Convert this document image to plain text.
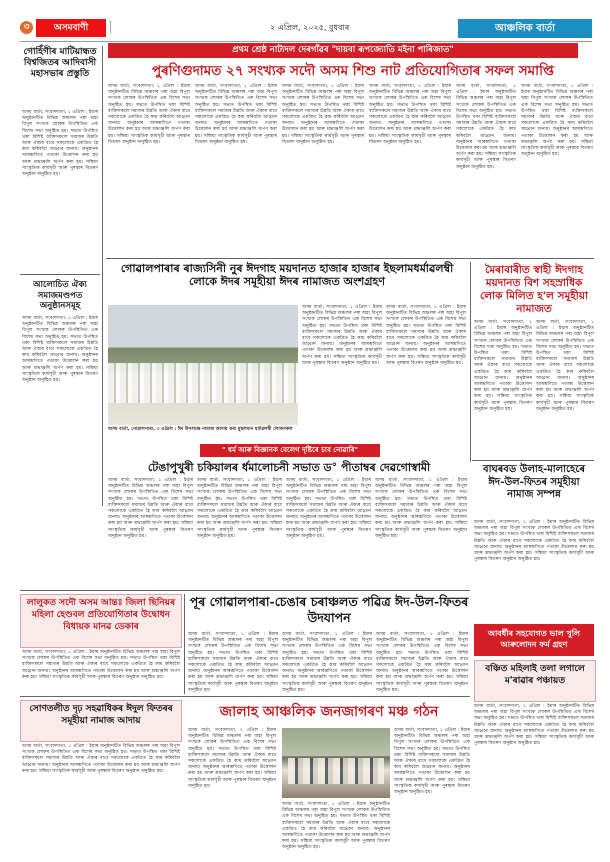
৩	অসমবাণী	২ এপ্ৰিল, ২০২৫, বুধবাৰ	আঞ্চলিক বাৰ্তা
গোহিঁগীৰ মাটিয়ান্ধত বিশ্বজিতৰ আদিবাসী মহাসভাৰ প্ৰস্তুতি
অসম বাৰ্তা, সংবাদদাতা, ১ এপ্ৰিল : ইয়াৰ অনুষ্ঠানটিত বিভিন্ন অঞ্চলৰ পৰা অহা বিপুল সংখ্যক লোকৰ উপস্থিতিত এক বিশেষ সভা অনুষ্ঠিত হয়। সভাত উপস্থিত থকা বিশিষ্ট ব্যক্তিসকলে সমাজৰ উন্নতি আৰু ঐক্যৰ বাবে সকলোকে একত্ৰিত হৈ কাম কৰিবলৈ আহ্বান জনায়। অনুষ্ঠানৰ আৰম্ভণিতে পতাকা উত্তোলন কৰা হয় আৰু শ্ৰদ্ধাঞ্জলি অৰ্পণ কৰা হয়। সন্ধিয়া সাংস্কৃতিক কাৰ্যসূচী আৰু পুৰস্কাৰ বিতৰণ অনুষ্ঠান অনুষ্ঠিত হয়।
আলোচিত ঐক্য সমাজমণ্ডপত অনুষ্ঠানসমূহ
অসম বাৰ্তা, সংবাদদাতা, ১ এপ্ৰিল : ইয়াৰ অনুষ্ঠানটিত বিভিন্ন অঞ্চলৰ পৰা অহা বিপুল সংখ্যক লোকৰ উপস্থিতিত এক বিশেষ সভা অনুষ্ঠিত হয়। সভাত উপস্থিত থকা বিশিষ্ট ব্যক্তিসকলে সমাজৰ উন্নতি আৰু ঐক্যৰ বাবে সকলোকে একত্ৰিত হৈ কাম কৰিবলৈ আহ্বান জনায়। অনুষ্ঠানৰ আৰম্ভণিতে পতাকা উত্তোলন কৰা হয় আৰু শ্ৰদ্ধাঞ্জলি অৰ্পণ কৰা হয়। সন্ধিয়া সাংস্কৃতিক কাৰ্যসূচী আৰু পুৰস্কাৰ বিতৰণ অনুষ্ঠান অনুষ্ঠিত হয়।
প্ৰথম শ্ৰেষ্ঠ নাট্যদল দেৰগাঁৱৰ "দায়বা ৰূপজ্যোতি মইনা পাৰিজাত"
পুৰণিগুদামত ২৭ সংখ্যক সদৌ অসম শিশু নাট প্ৰতিযোগিতাৰ সফল সমাপ্তি
অসম বাৰ্তা, সংবাদদাতা, ১ এপ্ৰিল : ইয়াৰ অনুষ্ঠানটিত বিভিন্ন অঞ্চলৰ পৰা অহা বিপুল সংখ্যক লোকৰ উপস্থিতিত এক বিশেষ সভা অনুষ্ঠিত হয়। সভাত উপস্থিত থকা বিশিষ্ট ব্যক্তিসকলে সমাজৰ উন্নতি আৰু ঐক্যৰ বাবে সকলোকে একত্ৰিত হৈ কাম কৰিবলৈ আহ্বান জনায়। অনুষ্ঠানৰ আৰম্ভণিতে পতাকা উত্তোলন কৰা হয় আৰু শ্ৰদ্ধাঞ্জলি অৰ্পণ কৰা হয়। সন্ধিয়া সাংস্কৃতিক কাৰ্যসূচী আৰু পুৰস্কাৰ বিতৰণ অনুষ্ঠান অনুষ্ঠিত হয়।
অসম বাৰ্তা, সংবাদদাতা, ১ এপ্ৰিল : ইয়াৰ অনুষ্ঠানটিত বিভিন্ন অঞ্চলৰ পৰা অহা বিপুল সংখ্যক লোকৰ উপস্থিতিত এক বিশেষ সভা অনুষ্ঠিত হয়। সভাত উপস্থিত থকা বিশিষ্ট ব্যক্তিসকলে সমাজৰ উন্নতি আৰু ঐক্যৰ বাবে সকলোকে একত্ৰিত হৈ কাম কৰিবলৈ আহ্বান জনায়। অনুষ্ঠানৰ আৰম্ভণিতে পতাকা উত্তোলন কৰা হয় আৰু শ্ৰদ্ধাঞ্জলি অৰ্পণ কৰা হয়। সন্ধিয়া সাংস্কৃতিক কাৰ্যসূচী আৰু পুৰস্কাৰ বিতৰণ অনুষ্ঠান অনুষ্ঠিত হয়।
অসম বাৰ্তা, সংবাদদাতা, ১ এপ্ৰিল : ইয়াৰ অনুষ্ঠানটিত বিভিন্ন অঞ্চলৰ পৰা অহা বিপুল সংখ্যক লোকৰ উপস্থিতিত এক বিশেষ সভা অনুষ্ঠিত হয়। সভাত উপস্থিত থকা বিশিষ্ট ব্যক্তিসকলে সমাজৰ উন্নতি আৰু ঐক্যৰ বাবে সকলোকে একত্ৰিত হৈ কাম কৰিবলৈ আহ্বান জনায়। অনুষ্ঠানৰ আৰম্ভণিতে পতাকা উত্তোলন কৰা হয় আৰু শ্ৰদ্ধাঞ্জলি অৰ্পণ কৰা হয়। সন্ধিয়া সাংস্কৃতিক কাৰ্যসূচী আৰু পুৰস্কাৰ বিতৰণ অনুষ্ঠান অনুষ্ঠিত হয়।
অসম বাৰ্তা, সংবাদদাতা, ১ এপ্ৰিল : ইয়াৰ অনুষ্ঠানটিত বিভিন্ন অঞ্চলৰ পৰা অহা বিপুল সংখ্যক লোকৰ উপস্থিতিত এক বিশেষ সভা অনুষ্ঠিত হয়। সভাত উপস্থিত থকা বিশিষ্ট ব্যক্তিসকলে সমাজৰ উন্নতি আৰু ঐক্যৰ বাবে সকলোকে একত্ৰিত হৈ কাম কৰিবলৈ আহ্বান জনায়। অনুষ্ঠানৰ আৰম্ভণিতে পতাকা উত্তোলন কৰা হয় আৰু শ্ৰদ্ধাঞ্জলি অৰ্পণ কৰা হয়। সন্ধিয়া সাংস্কৃতিক কাৰ্যসূচী আৰু পুৰস্কাৰ বিতৰণ অনুষ্ঠান অনুষ্ঠিত হয়।
অসম বাৰ্তা, সংবাদদাতা, ১ এপ্ৰিল : ইয়াৰ অনুষ্ঠানটিত বিভিন্ন অঞ্চলৰ পৰা অহা বিপুল সংখ্যক লোকৰ উপস্থিতিত এক বিশেষ সভা অনুষ্ঠিত হয়। সভাত উপস্থিত থকা বিশিষ্ট ব্যক্তিসকলে সমাজৰ উন্নতি আৰু ঐক্যৰ বাবে সকলোকে একত্ৰিত হৈ কাম কৰিবলৈ আহ্বান জনায়। অনুষ্ঠানৰ আৰম্ভণিতে পতাকা উত্তোলন কৰা হয় আৰু শ্ৰদ্ধাঞ্জলি অৰ্পণ কৰা হয়। সন্ধিয়া সাংস্কৃতিক কাৰ্যসূচী আৰু পুৰস্কাৰ বিতৰণ অনুষ্ঠান অনুষ্ঠিত হয়।
অসম বাৰ্তা, সংবাদদাতা, ১ এপ্ৰিল : ইয়াৰ অনুষ্ঠানটিত বিভিন্ন অঞ্চলৰ পৰা অহা বিপুল সংখ্যক লোকৰ উপস্থিতিত এক বিশেষ সভা অনুষ্ঠিত হয়। সভাত উপস্থিত থকা বিশিষ্ট ব্যক্তিসকলে সমাজৰ উন্নতি আৰু ঐক্যৰ বাবে সকলোকে একত্ৰিত হৈ কাম কৰিবলৈ আহ্বান জনায়। অনুষ্ঠানৰ আৰম্ভণিতে পতাকা উত্তোলন কৰা হয় আৰু শ্ৰদ্ধাঞ্জলি অৰ্পণ কৰা হয়। সন্ধিয়া সাংস্কৃতিক কাৰ্যসূচী আৰু পুৰস্কাৰ বিতৰণ অনুষ্ঠান অনুষ্ঠিত হয়।
গোৱালপাৰাৰ ৰাজ্যসিনী নুৰ ঈদগাহ ময়দানত হাজাৰ হাজাৰ ইছলামধৰ্মাৱলম্বী লোকে ঈদৰ সমূহীয়া ঈদৰ নামাজত অংশগ্ৰহণ
অসম বাৰ্তা, গোৱালপাৰা, ৩ এপ্ৰিল : ঈদ উপলক্ষে নামাজ আদায় কৰা মুছলমান ধৰ্মাৱলম্বী লোকসকল
অসম বাৰ্তা, সংবাদদাতা, ১ এপ্ৰিল : ইয়াৰ অনুষ্ঠানটিত বিভিন্ন অঞ্চলৰ পৰা অহা বিপুল সংখ্যক লোকৰ উপস্থিতিত এক বিশেষ সভা অনুষ্ঠিত হয়। সভাত উপস্থিত থকা বিশিষ্ট ব্যক্তিসকলে সমাজৰ উন্নতি আৰু ঐক্যৰ বাবে সকলোকে একত্ৰিত হৈ কাম কৰিবলৈ আহ্বান জনায়। অনুষ্ঠানৰ আৰম্ভণিতে পতাকা উত্তোলন কৰা হয় আৰু শ্ৰদ্ধাঞ্জলি অৰ্পণ কৰা হয়। সন্ধিয়া সাংস্কৃতিক কাৰ্যসূচী আৰু পুৰস্কাৰ বিতৰণ অনুষ্ঠান অনুষ্ঠিত হয়।
অসম বাৰ্তা, সংবাদদাতা, ১ এপ্ৰিল : ইয়াৰ অনুষ্ঠানটিত বিভিন্ন অঞ্চলৰ পৰা অহা বিপুল সংখ্যক লোকৰ উপস্থিতিত এক বিশেষ সভা অনুষ্ঠিত হয়। সভাত উপস্থিত থকা বিশিষ্ট ব্যক্তিসকলে সমাজৰ উন্নতি আৰু ঐক্যৰ বাবে সকলোকে একত্ৰিত হৈ কাম কৰিবলৈ আহ্বান জনায়। অনুষ্ঠানৰ আৰম্ভণিতে পতাকা উত্তোলন কৰা হয় আৰু শ্ৰদ্ধাঞ্জলি অৰ্পণ কৰা হয়। সন্ধিয়া সাংস্কৃতিক কাৰ্যসূচী আৰু পুৰস্কাৰ বিতৰণ অনুষ্ঠান অনুষ্ঠিত হয়।
" ধৰ্ম আৰু বিজ্ঞানক বেলেগ দৃষ্টিৰে চাব নোৱাৰি"
মৈৰাবাৰীত স্বাহী ঈদগাহ ময়দানত বিশ সহস্ৰাধিক লোক মিলিত হ'ল সমূহীয়া নামাজত
অসম বাৰ্তা, সংবাদদাতা, ১ এপ্ৰিল : ইয়াৰ অনুষ্ঠানটিত বিভিন্ন অঞ্চলৰ পৰা অহা বিপুল সংখ্যক লোকৰ উপস্থিতিত এক বিশেষ সভা অনুষ্ঠিত হয়। সভাত উপস্থিত থকা বিশিষ্ট ব্যক্তিসকলে সমাজৰ উন্নতি আৰু ঐক্যৰ বাবে সকলোকে একত্ৰিত হৈ কাম কৰিবলৈ আহ্বান জনায়। অনুষ্ঠানৰ আৰম্ভণিতে পতাকা উত্তোলন কৰা হয় আৰু শ্ৰদ্ধাঞ্জলি অৰ্পণ কৰা হয়। সন্ধিয়া সাংস্কৃতিক কাৰ্যসূচী আৰু পুৰস্কাৰ বিতৰণ অনুষ্ঠান অনুষ্ঠিত হয়।
অসম বাৰ্তা, সংবাদদাতা, ১ এপ্ৰিল : ইয়াৰ অনুষ্ঠানটিত বিভিন্ন অঞ্চলৰ পৰা অহা বিপুল সংখ্যক লোকৰ উপস্থিতিত এক বিশেষ সভা অনুষ্ঠিত হয়। সভাত উপস্থিত থকা বিশিষ্ট ব্যক্তিসকলে সমাজৰ উন্নতি আৰু ঐক্যৰ বাবে সকলোকে একত্ৰিত হৈ কাম কৰিবলৈ আহ্বান জনায়। অনুষ্ঠানৰ আৰম্ভণিতে পতাকা উত্তোলন কৰা হয় আৰু শ্ৰদ্ধাঞ্জলি অৰ্পণ কৰা হয়। সন্ধিয়া সাংস্কৃতিক কাৰ্যসূচী আৰু পুৰস্কাৰ বিতৰণ অনুষ্ঠান অনুষ্ঠিত হয়।
টেঙাপুখুৰী চকিয়ালৰ ৰ্ধমালোচনী সভাত ড° পীতাম্বৰ দেৱগোস্বামী
অসম বাৰ্তা, সংবাদদাতা, ১ এপ্ৰিল : ইয়াৰ অনুষ্ঠানটিত বিভিন্ন অঞ্চলৰ পৰা অহা বিপুল সংখ্যক লোকৰ উপস্থিতিত এক বিশেষ সভা অনুষ্ঠিত হয়। সভাত উপস্থিত থকা বিশিষ্ট ব্যক্তিসকলে সমাজৰ উন্নতি আৰু ঐক্যৰ বাবে সকলোকে একত্ৰিত হৈ কাম কৰিবলৈ আহ্বান জনায়। অনুষ্ঠানৰ আৰম্ভণিতে পতাকা উত্তোলন কৰা হয় আৰু শ্ৰদ্ধাঞ্জলি অৰ্পণ কৰা হয়। সন্ধিয়া সাংস্কৃতিক কাৰ্যসূচী আৰু পুৰস্কাৰ বিতৰণ অনুষ্ঠান অনুষ্ঠিত হয়।
অসম বাৰ্তা, সংবাদদাতা, ১ এপ্ৰিল : ইয়াৰ অনুষ্ঠানটিত বিভিন্ন অঞ্চলৰ পৰা অহা বিপুল সংখ্যক লোকৰ উপস্থিতিত এক বিশেষ সভা অনুষ্ঠিত হয়। সভাত উপস্থিত থকা বিশিষ্ট ব্যক্তিসকলে সমাজৰ উন্নতি আৰু ঐক্যৰ বাবে সকলোকে একত্ৰিত হৈ কাম কৰিবলৈ আহ্বান জনায়। অনুষ্ঠানৰ আৰম্ভণিতে পতাকা উত্তোলন কৰা হয় আৰু শ্ৰদ্ধাঞ্জলি অৰ্পণ কৰা হয়। সন্ধিয়া সাংস্কৃতিক কাৰ্যসূচী আৰু পুৰস্কাৰ বিতৰণ অনুষ্ঠান অনুষ্ঠিত হয়।
অসম বাৰ্তা, সংবাদদাতা, ১ এপ্ৰিল : ইয়াৰ অনুষ্ঠানটিত বিভিন্ন অঞ্চলৰ পৰা অহা বিপুল সংখ্যক লোকৰ উপস্থিতিত এক বিশেষ সভা অনুষ্ঠিত হয়। সভাত উপস্থিত থকা বিশিষ্ট ব্যক্তিসকলে সমাজৰ উন্নতি আৰু ঐক্যৰ বাবে সকলোকে একত্ৰিত হৈ কাম কৰিবলৈ আহ্বান জনায়। অনুষ্ঠানৰ আৰম্ভণিতে পতাকা উত্তোলন কৰা হয় আৰু শ্ৰদ্ধাঞ্জলি অৰ্পণ কৰা হয়। সন্ধিয়া সাংস্কৃতিক কাৰ্যসূচী আৰু পুৰস্কাৰ বিতৰণ অনুষ্ঠান অনুষ্ঠিত হয়।
অসম বাৰ্তা, সংবাদদাতা, ১ এপ্ৰিল : ইয়াৰ অনুষ্ঠানটিত বিভিন্ন অঞ্চলৰ পৰা অহা বিপুল সংখ্যক লোকৰ উপস্থিতিত এক বিশেষ সভা অনুষ্ঠিত হয়। সভাত উপস্থিত থকা বিশিষ্ট ব্যক্তিসকলে সমাজৰ উন্নতি আৰু ঐক্যৰ বাবে সকলোকে একত্ৰিত হৈ কাম কৰিবলৈ আহ্বান জনায়। অনুষ্ঠানৰ আৰম্ভণিতে পতাকা উত্তোলন কৰা হয় আৰু শ্ৰদ্ধাঞ্জলি অৰ্পণ কৰা হয়। সন্ধিয়া সাংস্কৃতিক কাৰ্যসূচী আৰু পুৰস্কাৰ বিতৰণ অনুষ্ঠান অনুষ্ঠিত হয়।
বাঘৰবড উলাহ-মালাহেৰে ঈদ-উল-ফিতৰ সমূহীয়া নামাজ সম্পন্ন
অসম বাৰ্তা, সংবাদদাতা, ১ এপ্ৰিল : ইয়াৰ অনুষ্ঠানটিত বিভিন্ন অঞ্চলৰ পৰা অহা বিপুল সংখ্যক লোকৰ উপস্থিতিত এক বিশেষ সভা অনুষ্ঠিত হয়। সভাত উপস্থিত থকা বিশিষ্ট ব্যক্তিসকলে সমাজৰ উন্নতি আৰু ঐক্যৰ বাবে সকলোকে একত্ৰিত হৈ কাম কৰিবলৈ আহ্বান জনায়। অনুষ্ঠানৰ আৰম্ভণিতে পতাকা উত্তোলন কৰা হয় আৰু শ্ৰদ্ধাঞ্জলি অৰ্পণ কৰা হয়। সন্ধিয়া সাংস্কৃতিক কাৰ্যসূচী আৰু পুৰস্কাৰ বিতৰণ অনুষ্ঠান অনুষ্ঠিত হয়।
লালুকত সদৌ অসম আন্তঃ জিলা ছিনিয়ৰ মহিলা হেণ্ডবল প্ৰতিযোগিতাৰ উদ্বোধন বিধায়ক মানৱ ডেকাৰ
অসম বাৰ্তা, সংবাদদাতা, ১ এপ্ৰিল : ইয়াৰ অনুষ্ঠানটিত বিভিন্ন অঞ্চলৰ পৰা অহা বিপুল সংখ্যক লোকৰ উপস্থিতিত এক বিশেষ সভা অনুষ্ঠিত হয়। সভাত উপস্থিত থকা বিশিষ্ট ব্যক্তিসকলে সমাজৰ উন্নতি আৰু ঐক্যৰ বাবে সকলোকে একত্ৰিত হৈ কাম কৰিবলৈ আহ্বান জনায়। অনুষ্ঠানৰ আৰম্ভণিতে পতাকা উত্তোলন কৰা হয় আৰু শ্ৰদ্ধাঞ্জলি অৰ্পণ কৰা হয়। সন্ধিয়া সাংস্কৃতিক কাৰ্যসূচী আৰু পুৰস্কাৰ বিতৰণ অনুষ্ঠান অনুষ্ঠিত হয়।
পূৰ গোৱালপাৰা-চেঙাৰ চৰাঞ্চলত পৱিত্ৰ ঈদ-উল-ফিতৰ উদযাপন
অসম বাৰ্তা, সংবাদদাতা, ১ এপ্ৰিল : ইয়াৰ অনুষ্ঠানটিত বিভিন্ন অঞ্চলৰ পৰা অহা বিপুল সংখ্যক লোকৰ উপস্থিতিত এক বিশেষ সভা অনুষ্ঠিত হয়। সভাত উপস্থিত থকা বিশিষ্ট ব্যক্তিসকলে সমাজৰ উন্নতি আৰু ঐক্যৰ বাবে সকলোকে একত্ৰিত হৈ কাম কৰিবলৈ আহ্বান জনায়। অনুষ্ঠানৰ আৰম্ভণিতে পতাকা উত্তোলন কৰা হয় আৰু শ্ৰদ্ধাঞ্জলি অৰ্পণ কৰা হয়। সন্ধিয়া সাংস্কৃতিক কাৰ্যসূচী আৰু পুৰস্কাৰ বিতৰণ অনুষ্ঠান অনুষ্ঠিত হয়।
অসম বাৰ্তা, সংবাদদাতা, ১ এপ্ৰিল : ইয়াৰ অনুষ্ঠানটিত বিভিন্ন অঞ্চলৰ পৰা অহা বিপুল সংখ্যক লোকৰ উপস্থিতিত এক বিশেষ সভা অনুষ্ঠিত হয়। সভাত উপস্থিত থকা বিশিষ্ট ব্যক্তিসকলে সমাজৰ উন্নতি আৰু ঐক্যৰ বাবে সকলোকে একত্ৰিত হৈ কাম কৰিবলৈ আহ্বান জনায়। অনুষ্ঠানৰ আৰম্ভণিতে পতাকা উত্তোলন কৰা হয় আৰু শ্ৰদ্ধাঞ্জলি অৰ্পণ কৰা হয়। সন্ধিয়া সাংস্কৃতিক কাৰ্যসূচী আৰু পুৰস্কাৰ বিতৰণ অনুষ্ঠান অনুষ্ঠিত হয়।
অসম বাৰ্তা, সংবাদদাতা, ১ এপ্ৰিল : ইয়াৰ অনুষ্ঠানটিত বিভিন্ন অঞ্চলৰ পৰা অহা বিপুল সংখ্যক লোকৰ উপস্থিতিত এক বিশেষ সভা অনুষ্ঠিত হয়। সভাত উপস্থিত থকা বিশিষ্ট ব্যক্তিসকলে সমাজৰ উন্নতি আৰু ঐক্যৰ বাবে সকলোকে একত্ৰিত হৈ কাম কৰিবলৈ আহ্বান জনায়। অনুষ্ঠানৰ আৰম্ভণিতে পতাকা উত্তোলন কৰা হয় আৰু শ্ৰদ্ধাঞ্জলি অৰ্পণ কৰা হয়। সন্ধিয়া সাংস্কৃতিক কাৰ্যসূচী আৰু পুৰস্কাৰ বিতৰণ অনুষ্ঠান অনুষ্ঠিত হয়।
আবৰ্ধীৰ সহযোগত ভাল খুলি আৰুলোদন ফৰ্ম গ্ৰহণ
বঞ্চিত মহিলাই তলা লগালে ম'ৰাৱাৰ পঞ্চায়ত
অসম বাৰ্তা, সংবাদদাতা, ১ এপ্ৰিল : ইয়াৰ অনুষ্ঠানটিত বিভিন্ন অঞ্চলৰ পৰা অহা বিপুল সংখ্যক লোকৰ উপস্থিতিত এক বিশেষ সভা অনুষ্ঠিত হয়। সভাত উপস্থিত থকা বিশিষ্ট ব্যক্তিসকলে সমাজৰ উন্নতি আৰু ঐক্যৰ বাবে সকলোকে একত্ৰিত হৈ কাম কৰিবলৈ আহ্বান জনায়। অনুষ্ঠানৰ আৰম্ভণিতে পতাকা উত্তোলন কৰা হয় আৰু শ্ৰদ্ধাঞ্জলি অৰ্পণ কৰা হয়। সন্ধিয়া সাংস্কৃতিক কাৰ্যসূচী আৰু পুৰস্কাৰ বিতৰণ অনুষ্ঠান অনুষ্ঠিত হয়।
সোণতলীত দৃঢ় সহৱাধিকৰ ঈদুল ফিতৰৰ সমূহীয়া নামাজ আদায়
অসম বাৰ্তা, সংবাদদাতা, ১ এপ্ৰিল : ইয়াৰ অনুষ্ঠানটিত বিভিন্ন অঞ্চলৰ পৰা অহা বিপুল সংখ্যক লোকৰ উপস্থিতিত এক বিশেষ সভা অনুষ্ঠিত হয়। সভাত উপস্থিত থকা বিশিষ্ট ব্যক্তিসকলে সমাজৰ উন্নতি আৰু ঐক্যৰ বাবে সকলোকে একত্ৰিত হৈ কাম কৰিবলৈ আহ্বান জনায়। অনুষ্ঠানৰ আৰম্ভণিতে পতাকা উত্তোলন কৰা হয় আৰু শ্ৰদ্ধাঞ্জলি অৰ্পণ কৰা হয়। সন্ধিয়া সাংস্কৃতিক কাৰ্যসূচী আৰু পুৰস্কাৰ বিতৰণ অনুষ্ঠান অনুষ্ঠিত হয়।
জালাহ আঞ্চলিক জনজাগৰণ মঞ্চ গঠন
অসম বাৰ্তা, সংবাদদাতা, ১ এপ্ৰিল : ইয়াৰ অনুষ্ঠানটিত বিভিন্ন অঞ্চলৰ পৰা অহা বিপুল সংখ্যক লোকৰ উপস্থিতিত এক বিশেষ সভা অনুষ্ঠিত হয়। সভাত উপস্থিত থকা বিশিষ্ট ব্যক্তিসকলে সমাজৰ উন্নতি আৰু ঐক্যৰ বাবে সকলোকে একত্ৰিত হৈ কাম কৰিবলৈ আহ্বান জনায়। অনুষ্ঠানৰ আৰম্ভণিতে পতাকা উত্তোলন কৰা হয় আৰু শ্ৰদ্ধাঞ্জলি অৰ্পণ কৰা হয়। সন্ধিয়া সাংস্কৃতিক কাৰ্যসূচী আৰু পুৰস্কাৰ বিতৰণ অনুষ্ঠান অনুষ্ঠিত হয়।
অসম বাৰ্তা, সংবাদদাতা, ১ এপ্ৰিল : ইয়াৰ অনুষ্ঠানটিত বিভিন্ন অঞ্চলৰ পৰা অহা বিপুল সংখ্যক লোকৰ উপস্থিতিত এক বিশেষ সভা অনুষ্ঠিত হয়। সভাত উপস্থিত থকা বিশিষ্ট ব্যক্তিসকলে সমাজৰ উন্নতি আৰু ঐক্যৰ বাবে সকলোকে একত্ৰিত হৈ কাম কৰিবলৈ আহ্বান জনায়। অনুষ্ঠানৰ আৰম্ভণিতে পতাকা উত্তোলন কৰা হয় আৰু শ্ৰদ্ধাঞ্জলি অৰ্পণ কৰা হয়। সন্ধিয়া সাংস্কৃতিক কাৰ্যসূচী আৰু পুৰস্কাৰ বিতৰণ অনুষ্ঠান অনুষ্ঠিত হয়।
অসম বাৰ্তা, সংবাদদাতা, ১ এপ্ৰিল : ইয়াৰ অনুষ্ঠানটিত বিভিন্ন অঞ্চলৰ পৰা অহা বিপুল সংখ্যক লোকৰ উপস্থিতিত এক বিশেষ সভা অনুষ্ঠিত হয়। সভাত উপস্থিত থকা বিশিষ্ট ব্যক্তিসকলে সমাজৰ উন্নতি আৰু ঐক্যৰ বাবে সকলোকে একত্ৰিত হৈ কাম কৰিবলৈ আহ্বান জনায়। অনুষ্ঠানৰ আৰম্ভণিতে পতাকা উত্তোলন কৰা হয় আৰু শ্ৰদ্ধাঞ্জলি অৰ্পণ কৰা হয়। সন্ধিয়া সাংস্কৃতিক কাৰ্যসূচী আৰু পুৰস্কাৰ বিতৰণ অনুষ্ঠান অনুষ্ঠিত হয়।
